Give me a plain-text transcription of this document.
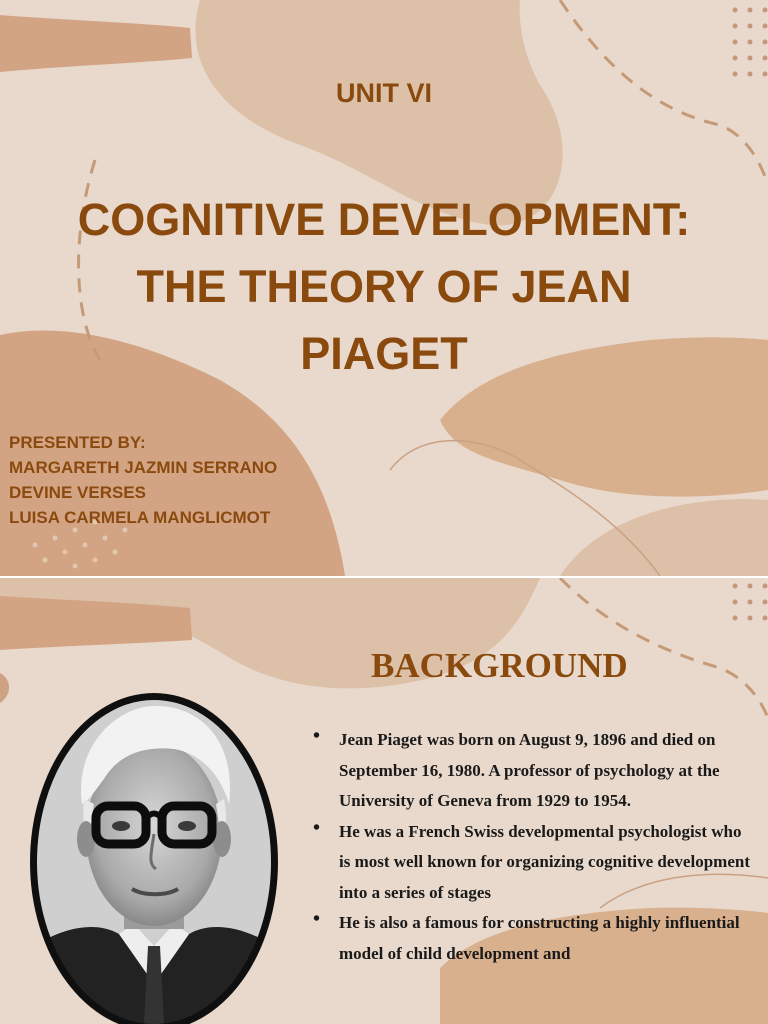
UNIT VI
COGNITIVE DEVELOPMENT: THE THEORY OF JEAN PIAGET
PRESENTED BY:
MARGARETH JAZMIN SERRANO
DEVINE VERSES
LUISA CARMELA MANGLICMOT
BACKGROUND
• Jean Piaget was born on August 9, 1896 and died on September 16, 1980. A professor of psychology at the University of Geneva from 1929 to 1954.
• He was a French Swiss developmental psychologist who is most well known for organizing cognitive development into a series of stages
• He is also a famous for constructing a highly influential model of child development and
